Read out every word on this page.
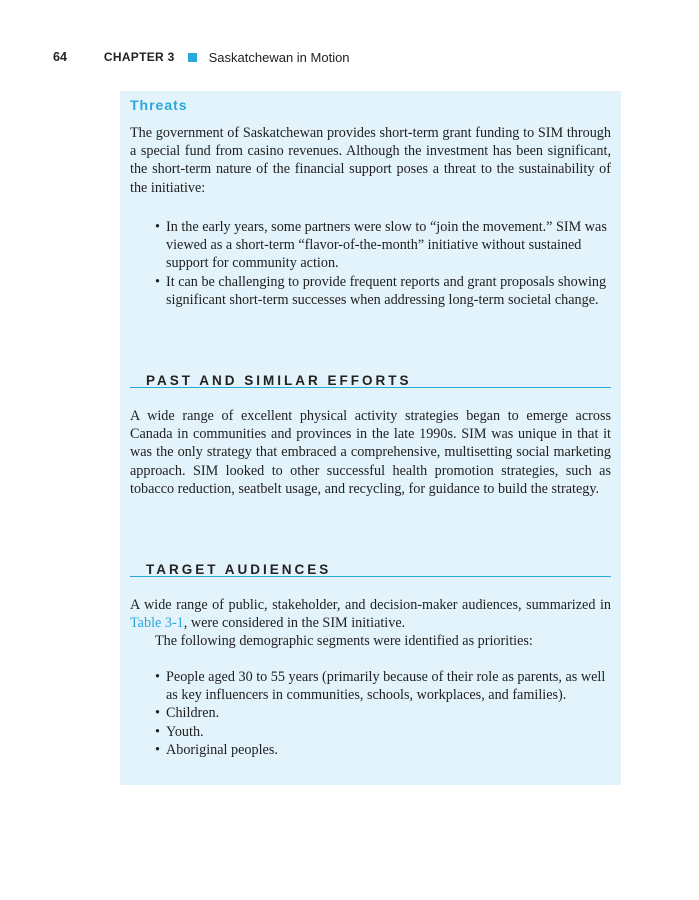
64	CHAPTER 3	Saskatchewan in Motion
Threats

The government of Saskatchewan provides short-term grant funding to SIM through a special fund from casino revenues. Although the investment has been significant, the short-term nature of the financial support poses a threat to the sustainability of the initiative:

• In the early years, some partners were slow to “join the movement.” SIM was viewed as a short-term “flavor-of-the-month” initiative without sustained support for community action.
• It can be challenging to provide frequent reports and grant proposals showing significant short-term successes when addressing long-term societal change.
PAST AND SIMILAR EFFORTS

A wide range of excellent physical activity strategies began to emerge across Canada in communities and provinces in the late 1990s. SIM was unique in that it was the only strategy that embraced a comprehensive, multisetting social marketing approach. SIM looked to other successful health promotion strategies, such as tobacco reduction, seatbelt usage, and recycling, for guidance to build the strategy.

TARGET AUDIENCES

A wide range of public, stakeholder, and decision-maker audiences, summarized in Table 3-1, were considered in the SIM initiative.

The following demographic segments were identified as priorities:

• People aged 30 to 55 years (primarily because of their role as parents, as well as key influencers in communities, schools, workplaces, and families).
• Children.
• Youth.
• Aboriginal peoples.
